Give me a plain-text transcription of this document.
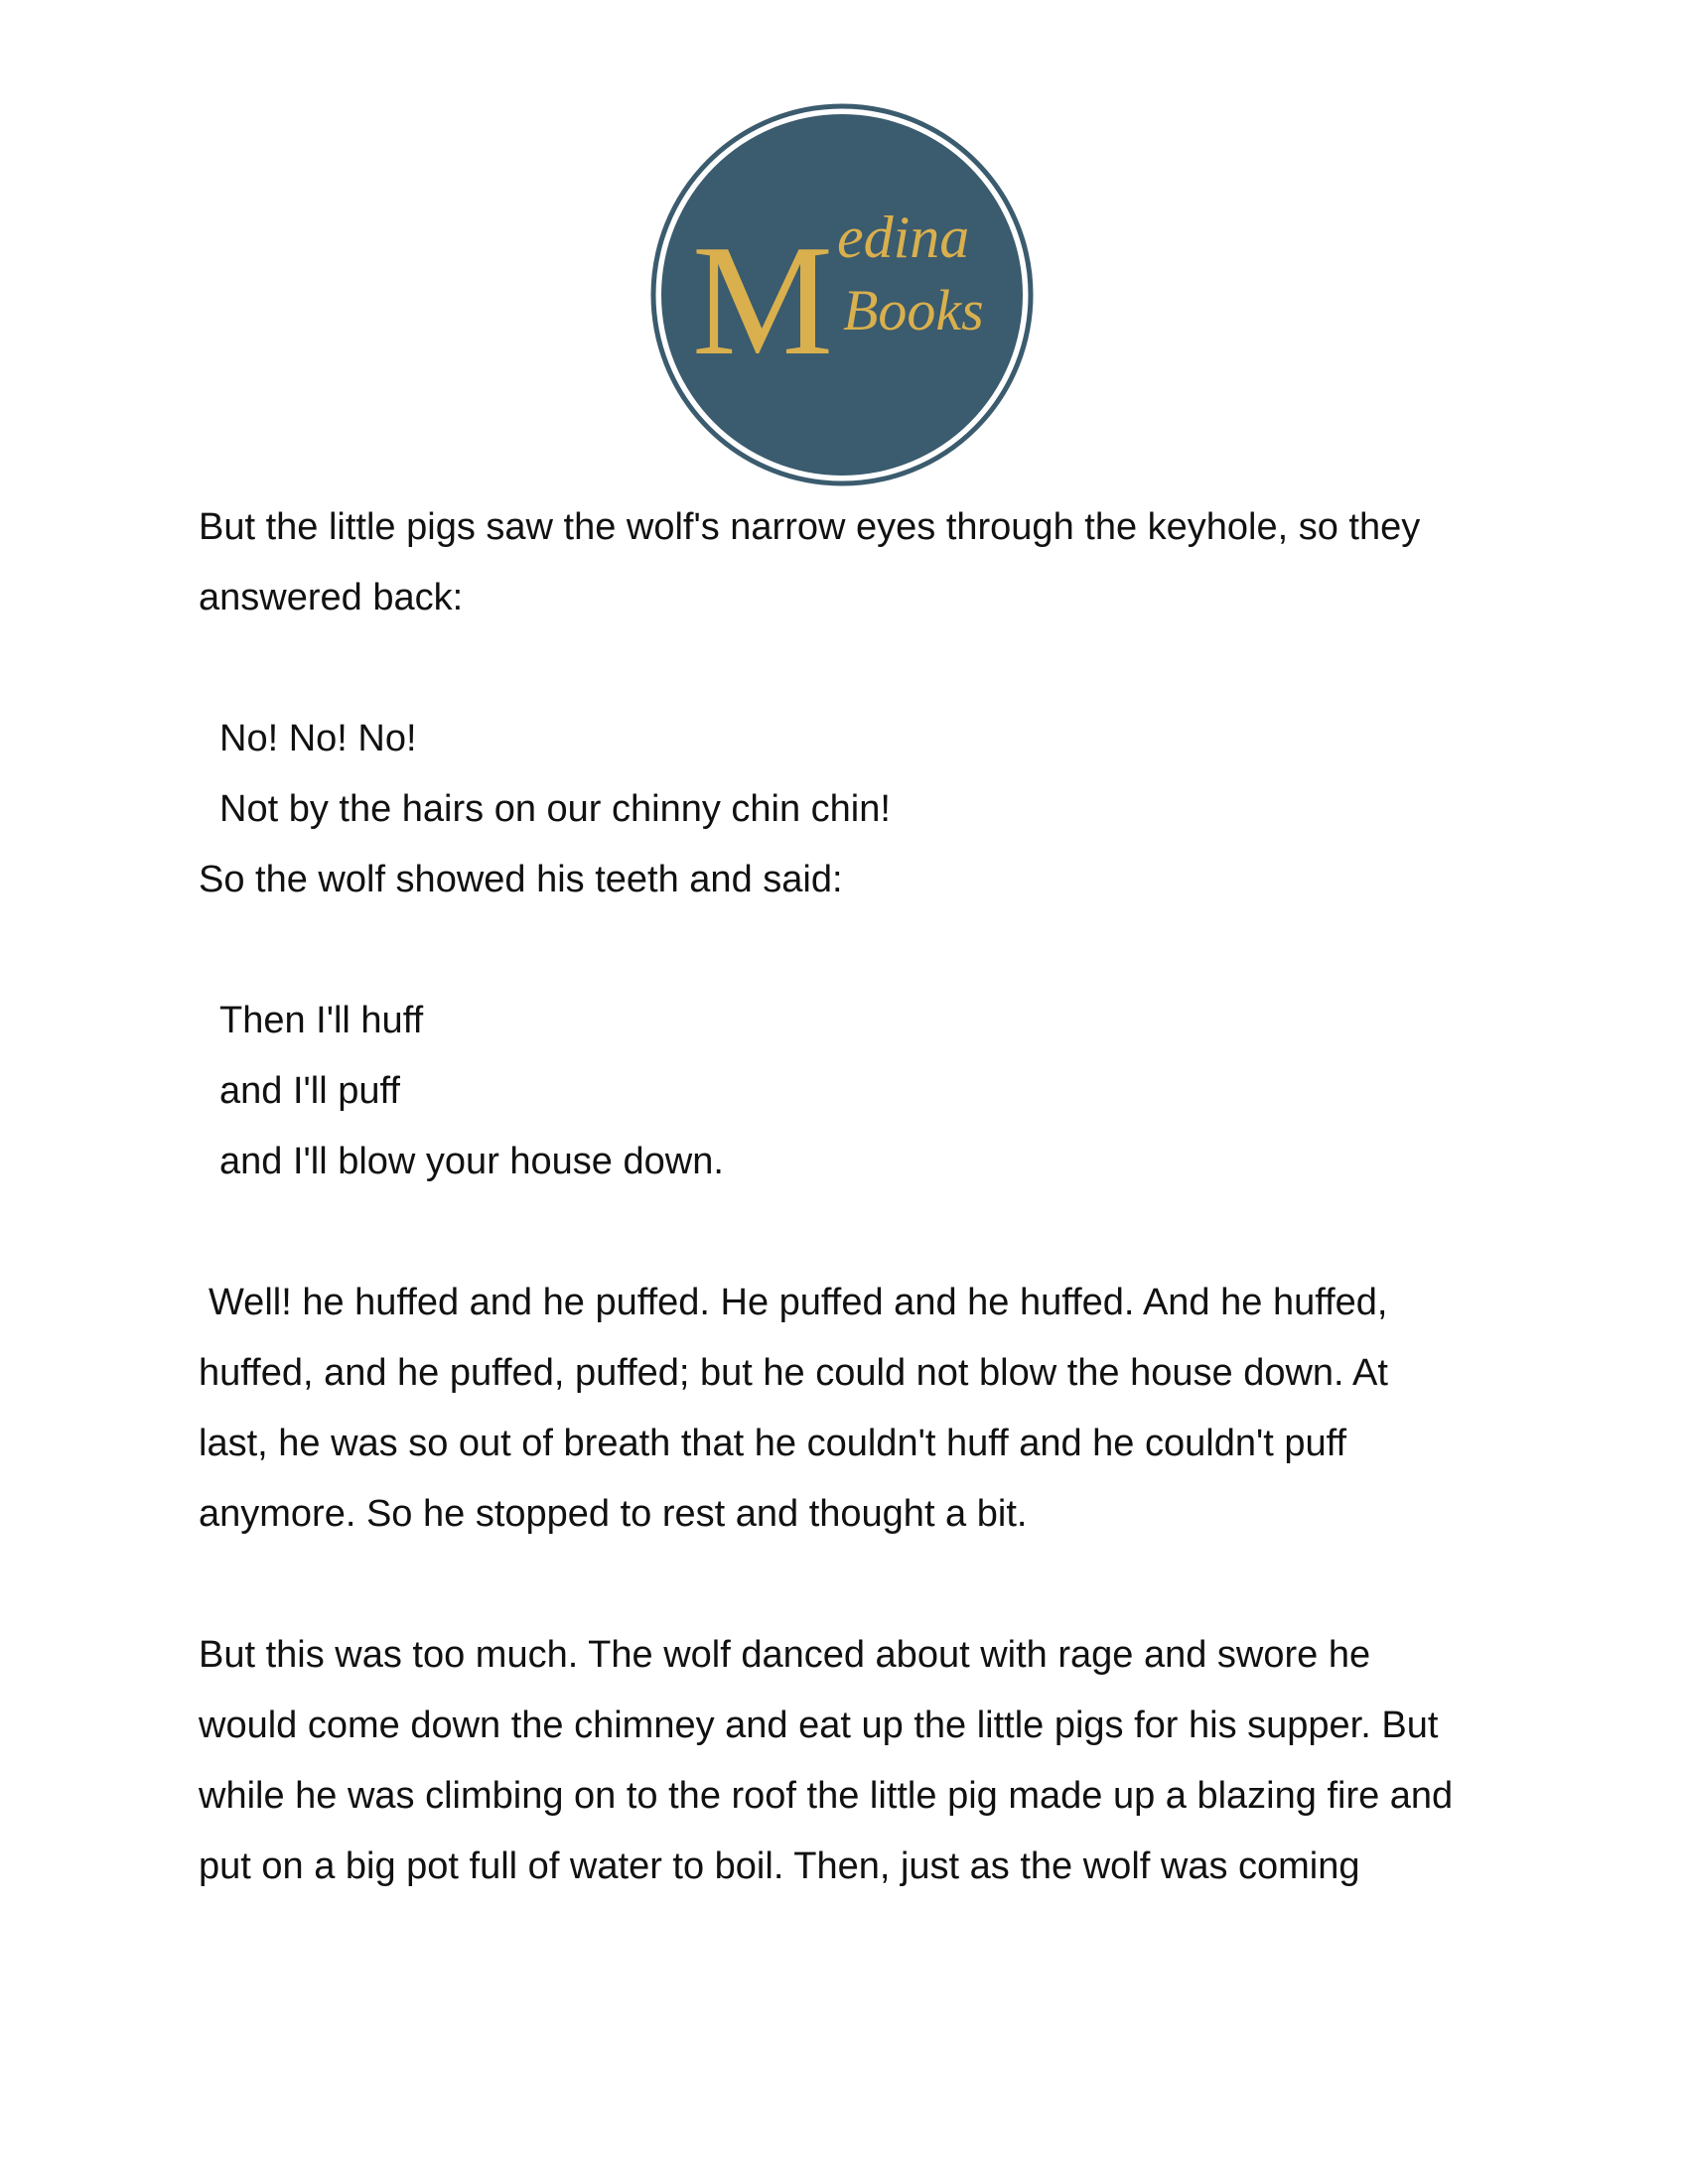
M edina
Books
But the little pigs saw the wolf's narrow eyes through the keyhole, so they
answered back:
No! No! No!
Not by the hairs on our chinny chin chin!
So the wolf showed his teeth and said:
Then I'll huff
and I'll puff
and I'll blow your house down.
Well! he huffed and he puffed. He puffed and he huffed. And he huffed,
huffed, and he puffed, puffed; but he could not blow the house down. At
last, he was so out of breath that he couldn't huff and he couldn't puff
anymore. So he stopped to rest and thought a bit.
But this was too much. The wolf danced about with rage and swore he
would come down the chimney and eat up the little pigs for his supper. But
while he was climbing on to the roof the little pig made up a blazing fire and
put on a big pot full of water to boil. Then, just as the wolf was coming
